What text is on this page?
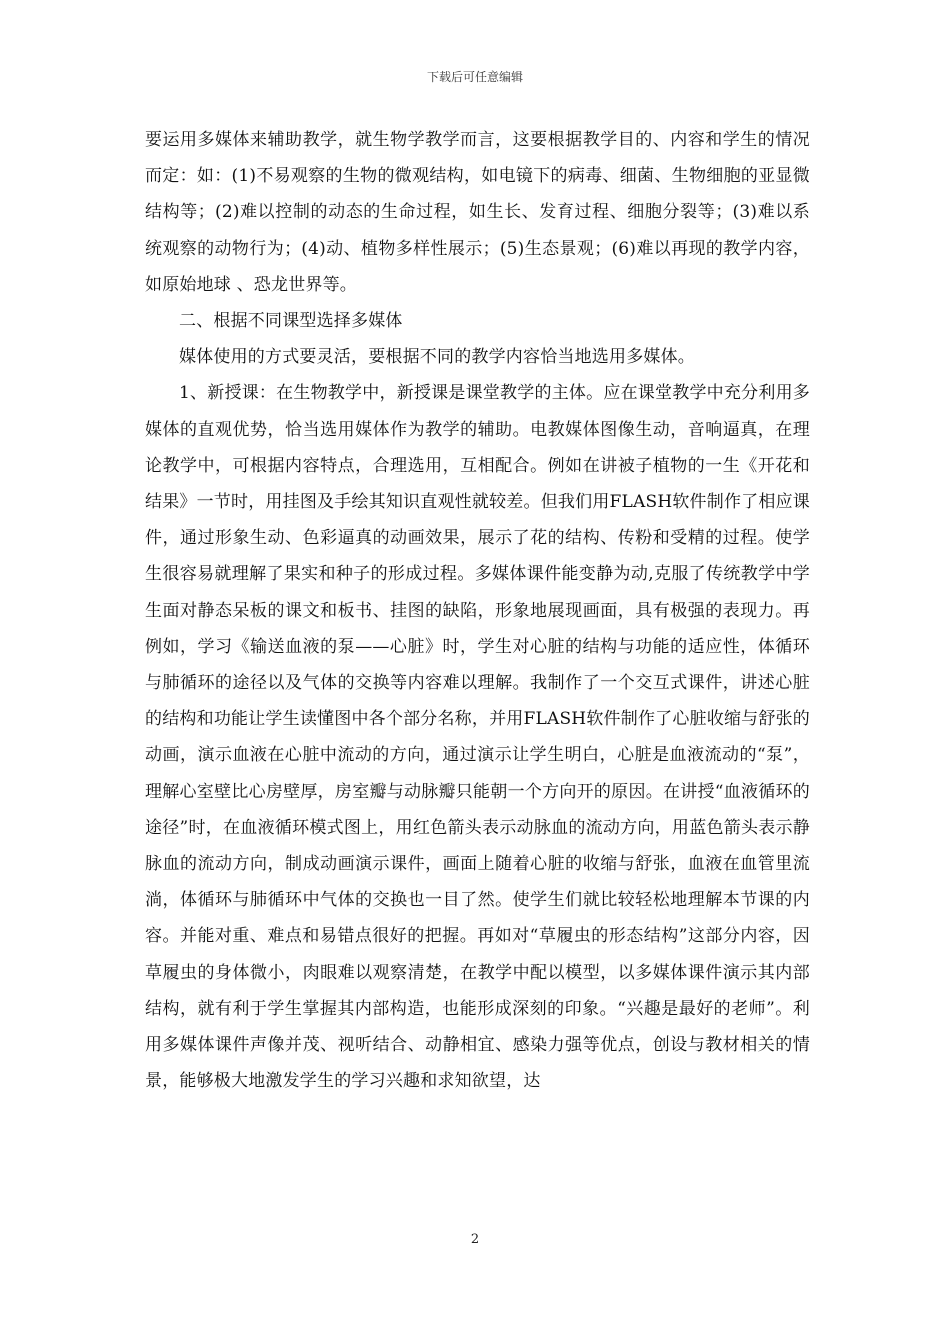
下载后可任意编辑

要运用多媒体来辅助教学，就生物学教学而言，这要根据教学目的、内容和学生的情况而定：如：(1)不易观察的生物的微观结构，如电镜下的病毒、细菌、生物细胞的亚显微结构等；(2)难以控制的动态的生命过程，如生长、发育过程、细胞分裂等；(3)难以系统观察的动物行为；(4)动、植物多样性展示；(5)生态景观；(6)难以再现的教学内容，如原始地球 、恐龙世界等。

二、根据不同课型选择多媒体

媒体使用的方式要灵活，要根据不同的教学内容恰当地选用多媒体。

1、新授课：在生物教学中，新授课是课堂教学的主体。应在课堂教学中充分利用多媒体的直观优势，恰当选用媒体作为教学的辅助。电教媒体图像生动，音响逼真，在理论教学中，可根据内容特点，合理选用，互相配合。例如在讲被子植物的一生《开花和结果》一节时，用挂图及手绘其知识直观性就较差。但我们用FLASH软件制作了相应课件，通过形象生动、色彩逼真的动画效果，展示了花的结构、传粉和受精的过程。使学生很容易就理解了果实和种子的形成过程。多媒体课件能变静为动,克服了传统教学中学生面对静态呆板的课文和板书、挂图的缺陷，形象地展现画面，具有极强的表现力。再例如，学习《输送血液的泵——心脏》时，学生对心脏的结构与功能的适应性，体循环与肺循环的途径以及气体的交换等内容难以理解。我制作了一个交互式课件，讲述心脏的结构和功能让学生读懂图中各个部分名称，并用FLASH软件制作了心脏收缩与舒张的动画，演示血液在心脏中流动的方向，通过演示让学生明白，心脏是血液流动的“泵”，理解心室壁比心房壁厚，房室瓣与动脉瓣只能朝一个方向开的原因。在讲授“血液循环的途径”时，在血液循环模式图上，用红色箭头表示动脉血的流动方向，用蓝色箭头表示静脉血的流动方向，制成动画演示课件，画面上随着心脏的收缩与舒张，血液在血管里流淌，体循环与肺循环中气体的交换也一目了然。使学生们就比较轻松地理解本节课的内容。并能对重、难点和易错点很好的把握。再如对“草履虫的形态结构”这部分内容，因草履虫的身体微小，肉眼难以观察清楚，在教学中配以模型，以多媒体课件演示其内部结构，就有利于学生掌握其内部构造，也能形成深刻的印象。“兴趣是最好的老师”。利用多媒体课件声像并茂、视听结合、动静相宜、感染力强等优点，创设与教材相关的情景，能够极大地激发学生的学习兴趣和求知欲望，达

2
